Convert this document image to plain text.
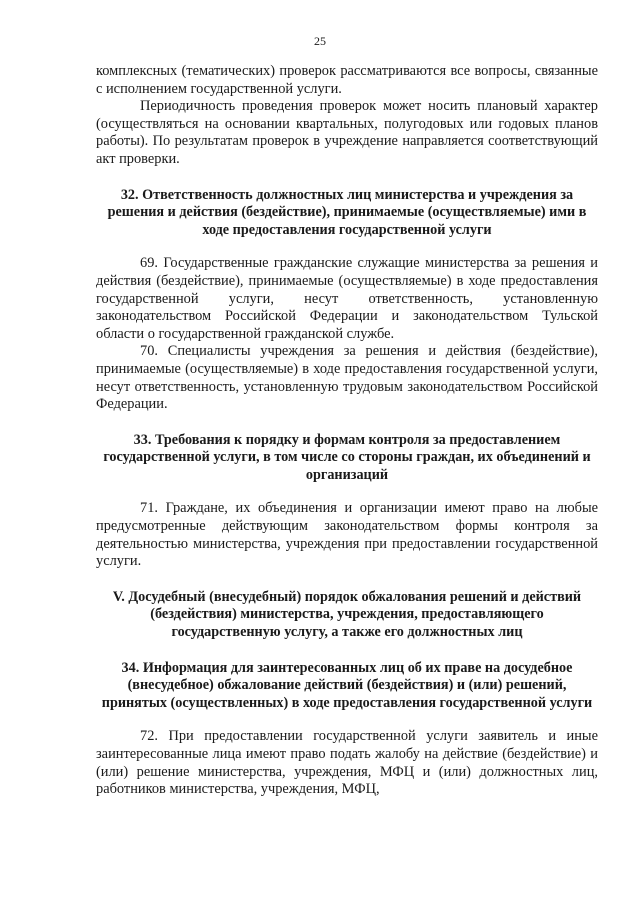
25

комплексных (тематических) проверок рассматриваются все вопросы, связанные с исполнением государственной услуги.

Периодичность проведения проверок может носить плановый характер (осуществляться на основании квартальных, полугодовых или годовых планов работы). По результатам проверок в учреждение направляется соответствующий акт проверки.

32. Ответственность должностных лиц министерства и учреждения за решения и действия (бездействие), принимаемые (осуществляемые) ими в ходе предоставления государственной услуги

69. Государственные гражданские служащие министерства за решения и действия (бездействие), принимаемые (осуществляемые) в ходе предоставления государственной услуги, несут ответственность, установленную законодательством Российской Федерации и законодательством Тульской области о государственной гражданской службе.

70. Специалисты учреждения за решения и действия (бездействие), принимаемые (осуществляемые) в ходе предоставления государственной услуги, несут ответственность, установленную трудовым законодательством Российской Федерации.

33. Требования к порядку и формам контроля за предоставлением государственной услуги, в том числе со стороны граждан, их объединений и организаций

71. Граждане, их объединения и организации имеют право на любые предусмотренные действующим законодательством формы контроля за деятельностью министерства, учреждения при предоставлении государственной услуги.

V. Досудебный (внесудебный) порядок обжалования решений и действий (бездействия) министерства, учреждения, предоставляющего государственную услугу, а также его должностных лиц
34. Информация для заинтересованных лиц об их праве на досудебное (внесудебное) обжалование действий (бездействия) и (или) решений, принятых (осуществленных) в ходе предоставления государственной услуги

72. При предоставлении государственной услуги заявитель и иные заинтересованные лица имеют право подать жалобу на действие (бездействие) и (или) решение министерства, учреждения, МФЦ и (или) должностных лиц, работников министерства, учреждения, МФЦ,
